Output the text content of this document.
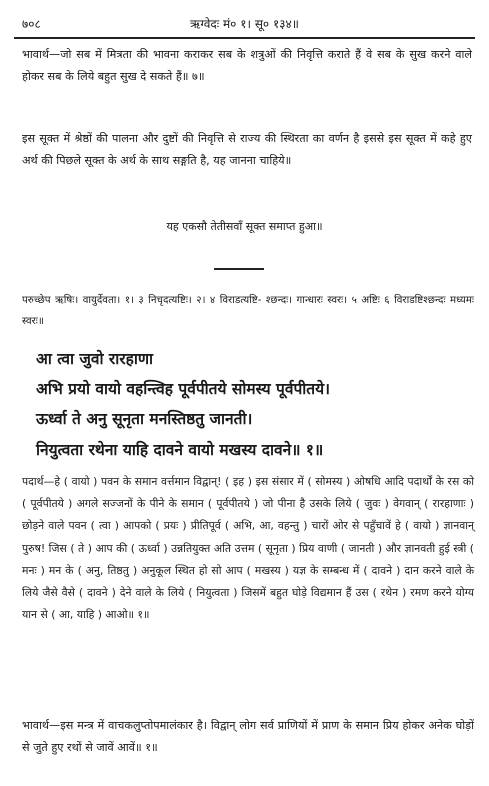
७०८	ऋग्वेदः मं० १। सू० १३४॥

भावार्थ—जो सब में मित्रता की भावना कराकर सब के शत्रुओं की निवृत्ति कराते हैं वे सब के सुख करने वाले होकर सब के लिये बहुत सुख दे सकते हैं॥ ७॥

इस सूक्त में श्रेष्ठों की पालना और दुष्टों की निवृत्ति से राज्य की स्थिरता का वर्णन है इससे इस सूक्त में कहे हुए अर्थ की पिछले सूक्त के अर्थ के साथ सङ्गति है, यह जानना चाहिये॥

यह एकसौ तेतीसवाँ सूक्त समाप्त हुआ॥

परुच्छेप ऋषिः। वायुर्देवता। १। ३ निचृदत्यष्टिः। २। ४ विराडत्यष्टि- श्छन्दः। गान्धारः स्वरः। ५ अष्टिः ६ विराडष्टिश्छन्दः मध्यमः स्वरः॥

आ त्वा जुवो रारहाणा
अभि प्रयो वायो वहन्त्विह पूर्वपीतये सोमस्य पूर्वपीतये।
ऊर्ध्वा ते अनु सूनृता मनस्तिष्ठतु जानती।
नियुत्वता रथेना याहि दावने वायो मखस्य दावने॥ १॥

पदार्थ—हे ( वायो ) पवन के समान वर्त्तमान विद्वान्! ( इह ) इस संसार में ( सोमस्य ) ओषधि आदि पदार्थों के रस को ( पूर्वपीतये ) अगले सज्जनों के पीने के समान ( पूर्वपीतये ) जो पीना है उसके लिये ( जुवः ) वेगवान् ( रारहाणाः ) छोड़ने वाले पवन ( त्वा ) आपको ( प्रयः ) प्रीतिपूर्व ( अभि, आ, वहन्तु ) चारों ओर से पहुँचावें हे ( वायो ) ज्ञानवान् पुरुष! जिस ( ते ) आप की ( ऊर्ध्वा ) उन्नतियुक्त अति उत्तम ( सूनृता ) प्रिय वाणी ( जानती ) और ज्ञानवती हुई स्त्री ( मनः ) मन के ( अनु, तिष्ठतु ) अनुकूल स्थित हो सो आप ( मखस्य ) यज्ञ के सम्बन्ध में ( दावने ) दान करने वाले के लिये जैसे वैसे ( दावने ) देने वाले के लिये ( नियुत्वता ) जिसमें बहुत घोड़े विद्यमान हैं उस ( रथेन ) रमण करने योग्य यान से ( आ, याहि ) आओ॥ १॥

भावार्थ—इस मन्त्र में वाचकलुप्तोपमालंकार है। विद्वान् लोग सर्व प्राणियों में प्राण के समान प्रिय होकर अनेक घोड़ों से जुते हुए रथों से जावें आवें॥ १॥
